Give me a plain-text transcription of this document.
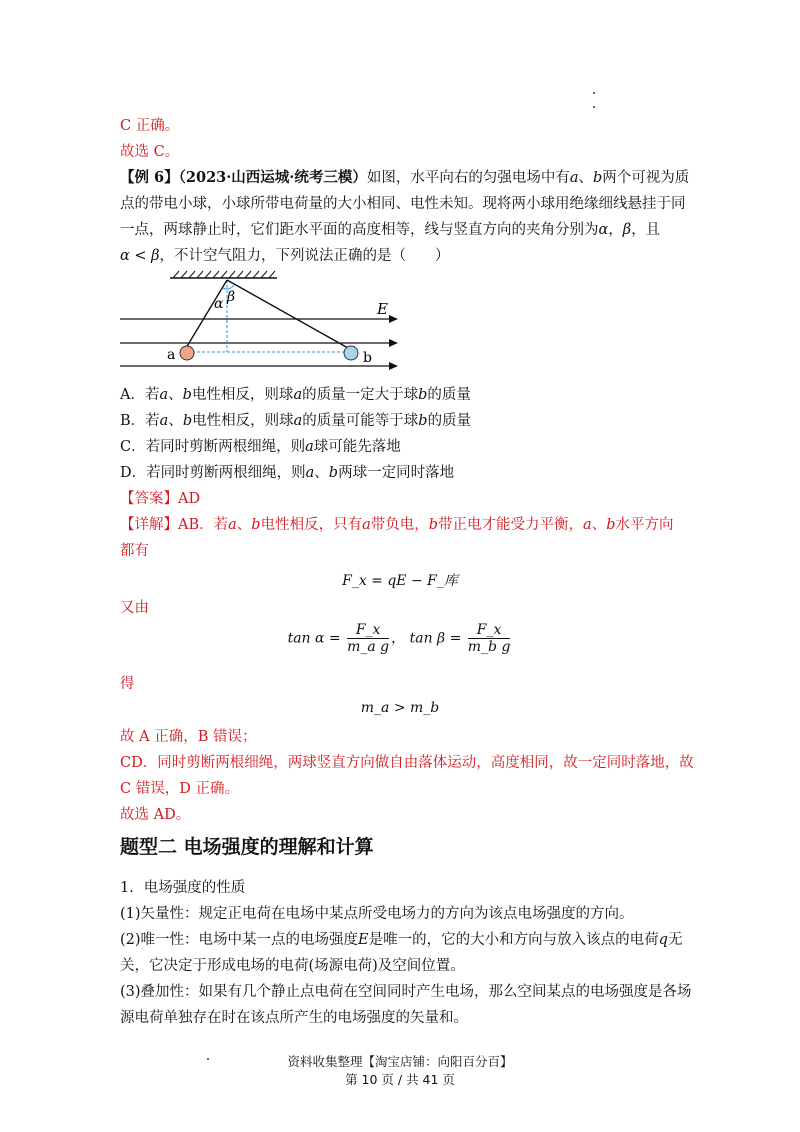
C 正确。
故选 C。
【例 6】（2023·山西运城·统考三模）如图，水平向右的匀强电场中有a、b两个可视为质
点的带电小球，小球所带电荷量的大小相同、电性未知。现将两小球用绝缘细线悬挂于同
一点，两球静止时，它们距水平面的高度相等，线与竖直方向的夹角分别为α，β，且
α < β，不计空气阻力，下列说法正确的是（　　）
α β
E
a	b
A．若a、b电性相反，则球a的质量一定大于球b的质量
B．若a、b电性相反，则球a的质量可能等于球b的质量
C．若同时剪断两根细绳，则a球可能先落地
D．若同时剪断两根细绳，则a、b两球一定同时落地
【答案】AD
【详解】AB．若a、b电性相反，只有a带负电，b带正电才能受力平衡，a、b水平方向
都有
F_x = qE − F_库
又由
$\tan \alpha = \frac{F\_x}{\text{m\_a g}}$ ， $\tan \beta = \frac{F\_x}{\text{m\_b g}}$
得
m_a > m_b
故 A 正确，B 错误；
CD．同时剪断两根细绳，两球竖直方向做自由落体运动，高度相同，故一定同时落地，故
C 错误，D 正确。
故选 AD。
题型二 电场强度的理解和计算
1．电场强度的性质
(1)矢量性：规定正电荷在电场中某点所受电场力的方向为该点电场强度的方向。
(2)唯一性：电场中某一点的电场强度E是唯一的，它的大小和方向与放入该点的电荷q无
关，它决定于形成电场的电荷(场源电荷)及空间位置。
(3)叠加性：如果有几个静止点电荷在空间同时产生电场，那么空间某点的电场强度是各场
源电荷单独存在时在该点所产生的电场强度的矢量和。
资料收集整理【淘宝店铺：向阳百分百】
第 10 页 / 共 41 页
